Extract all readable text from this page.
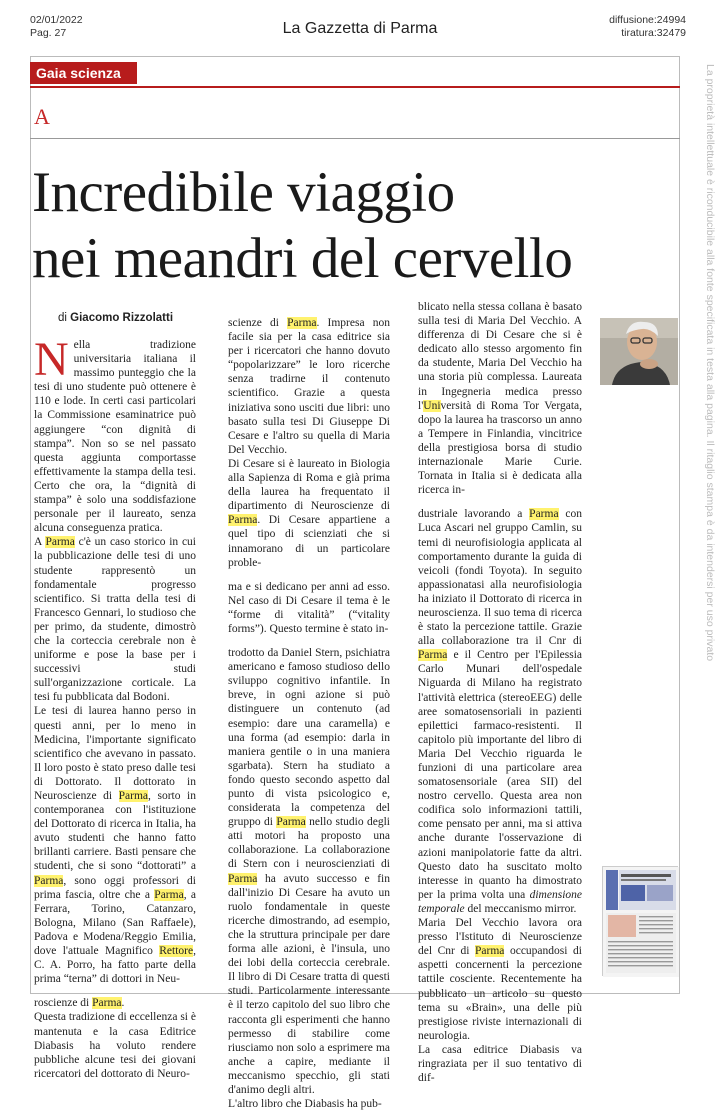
02/01/2022
Pag. 27	La Gazzetta di Parma	diffusione:24994
tiratura:32479
Gaia scienza
A
Incredibile viaggio
nei meandri del cervello
di Giacomo Rizzolatti

Nella tradizione universitaria italiana il massimo punteggio che la tesi di uno studente può ottenere è 110 e lode. In certi casi particolari la Commissione esaminatrice può aggiungere “con dignità di stampa”. Non so se nel passato questa aggiunta comportasse effettivamente la stampa della tesi. Certo che ora, la “dignità di stampa” è solo una soddisfazione personale per il laureato, senza alcuna conseguenza pratica.

A Parma c'è un caso storico in cui la pubblicazione delle tesi di uno studente rappresentò un fondamentale progresso scientifico. Si tratta della tesi di Francesco Gennari, lo studioso che per primo, da studente, dimostrò che la corteccia cerebrale non è uniforme e pose la base per i successivi studi sull'organizzazione corticale. La tesi fu pubblicata dal Bodoni.

Le tesi di laurea hanno perso in questi anni, per lo meno in Medicina, l'importante significato scientifico che avevano in passato. Il loro posto è stato preso dalle tesi di Dottorato. Il dottorato in Neuroscienze di Parma, sorto in contemporanea con l'istituzione del Dottorato di ricerca in Italia, ha avuto studenti che hanno fatto brillanti carriere. Basti pensare che studenti, che si sono “dottorati” a Parma, sono oggi professori di prima fascia, oltre che a Parma, a Ferrara, Torino, Catanzaro, Bologna, Milano (San Raffaele), Padova e Modena/Reggio Emilia, dove l'attuale Magnifico Rettore, C. A. Porro, ha fatto parte della prima “terna” di dottori in Neu-

roscienze di Parma.

Questa tradizione di eccellenza si è mantenuta e la casa Editrice Diabasis ha voluto rendere pubbliche alcune tesi dei giovani ricercatori del dottorato di Neuro-

scienze di Parma. Impresa non facile sia per la casa editrice sia per i ricercatori che hanno dovuto “popolarizzare” le loro ricerche senza tradirne il contenuto scientifico. Grazie a questa iniziativa sono usciti due libri: uno basato sulla tesi Di Giuseppe Di Cesare e l'altro su quella di Maria Del Vecchio.

Di Cesare si è laureato in Biologia alla Sapienza di Roma e già prima della laurea ha frequentato il dipartimento di Neuroscienze di Parma. Di Cesare appartiene a quel tipo di scienziati che si innamorano di un particolare proble-

ma e si dedicano per anni ad esso. Nel caso di Di Cesare il tema è le “forme di vitalità” (“vitality forms”). Questo termine è stato in-

trodotto da Daniel Stern, psichiatra americano e famoso studioso dello sviluppo cognitivo infantile. In breve, in ogni azione si può distinguere un contenuto (ad esempio: dare una caramella) e una forma (ad esempio: darla in maniera gentile o in una maniera sgarbata). Stern ha studiato a fondo questo secondo aspetto dal punto di vista psicologico e, considerata la competenza del gruppo di Parma nello studio degli atti motori ha proposto una collaborazione. La collaborazione di Stern con i neuroscienziati di Parma ha avuto successo e fin dall'inizio Di Cesare ha avuto un ruolo fondamentale in queste ricerche dimostrando, ad esempio, che la struttura principale per dare forma alle azioni, è l'insula, uno dei lobi della corteccia cerebrale. Il libro di Di Cesare tratta di questi studi. Particolarmente interessante è il terzo capitolo del suo libro che racconta gli esperimenti che hanno permesso di stabilire come riusciamo non solo a esprimere ma anche a capire, mediante il meccanismo specchio, gli stati d'animo degli altri.

L'altro libro che Diabasis ha pub-

blicato nella stessa collana è basato sulla tesi di Maria Del Vecchio. A differenza di Di Cesare che si è dedicato allo stesso argomento fin da studente, Maria Del Vecchio ha una storia più complessa. Laureata in Ingegneria medica presso l'Università di Roma Tor Vergata, dopo la laurea ha trascorso un anno a Tempere in Finlandia, vincitrice della prestigiosa borsa di studio internazionale Marie Curie. Tornata in Italia si è dedicata alla ricerca in-

dustriale lavorando a Parma con Luca Ascari nel gruppo Camlin, su temi di neurofisiologia applicata al comportamento durante la guida di veicoli (fondi Toyota). In seguito appassionatasi alla neurofisiologia ha iniziato il Dottorato di ricerca in neuroscienza. Il suo tema di ricerca è stato la percezione tattile. Grazie alla collaborazione tra il Cnr di Parma e il Centro per l'Epilessia Carlo Munari dell'ospedale Niguarda di Milano ha registrato l'attività elettrica (stereoEEG) delle aree somatosensoriali in pazienti epilettici farmaco-resistenti. Il capitolo più importante del libro di Maria Del Vecchio riguarda le funzioni di una particolare area somatosensoriale (area SII) del nostro cervello. Questa area non codifica solo informazioni tattili, come pensato per anni, ma si attiva anche durante l'osservazione di azioni manipolatorie fatte da altri. Questo dato ha suscitato molto interesse in quanto ha dimostrato per la prima volta una dimensione temporale del meccanismo mirror.

Maria Del Vecchio lavora ora presso l'Istituto di Neuroscienze del Cnr di Parma occupandosi di aspetti concernenti la percezione tattile cosciente. Recentemente ha pubblicato un articolo su questo tema su «Brain», una delle più prestigiose riviste internazionali di neurologia.

La casa editrice Diabasis va ringraziata per il suo tentativo di dif-

La proprietà intellettuale è riconducibile alla fonte specificata in testa alla pagina. Il ritaglio stampa è da intendersi per uso privato
